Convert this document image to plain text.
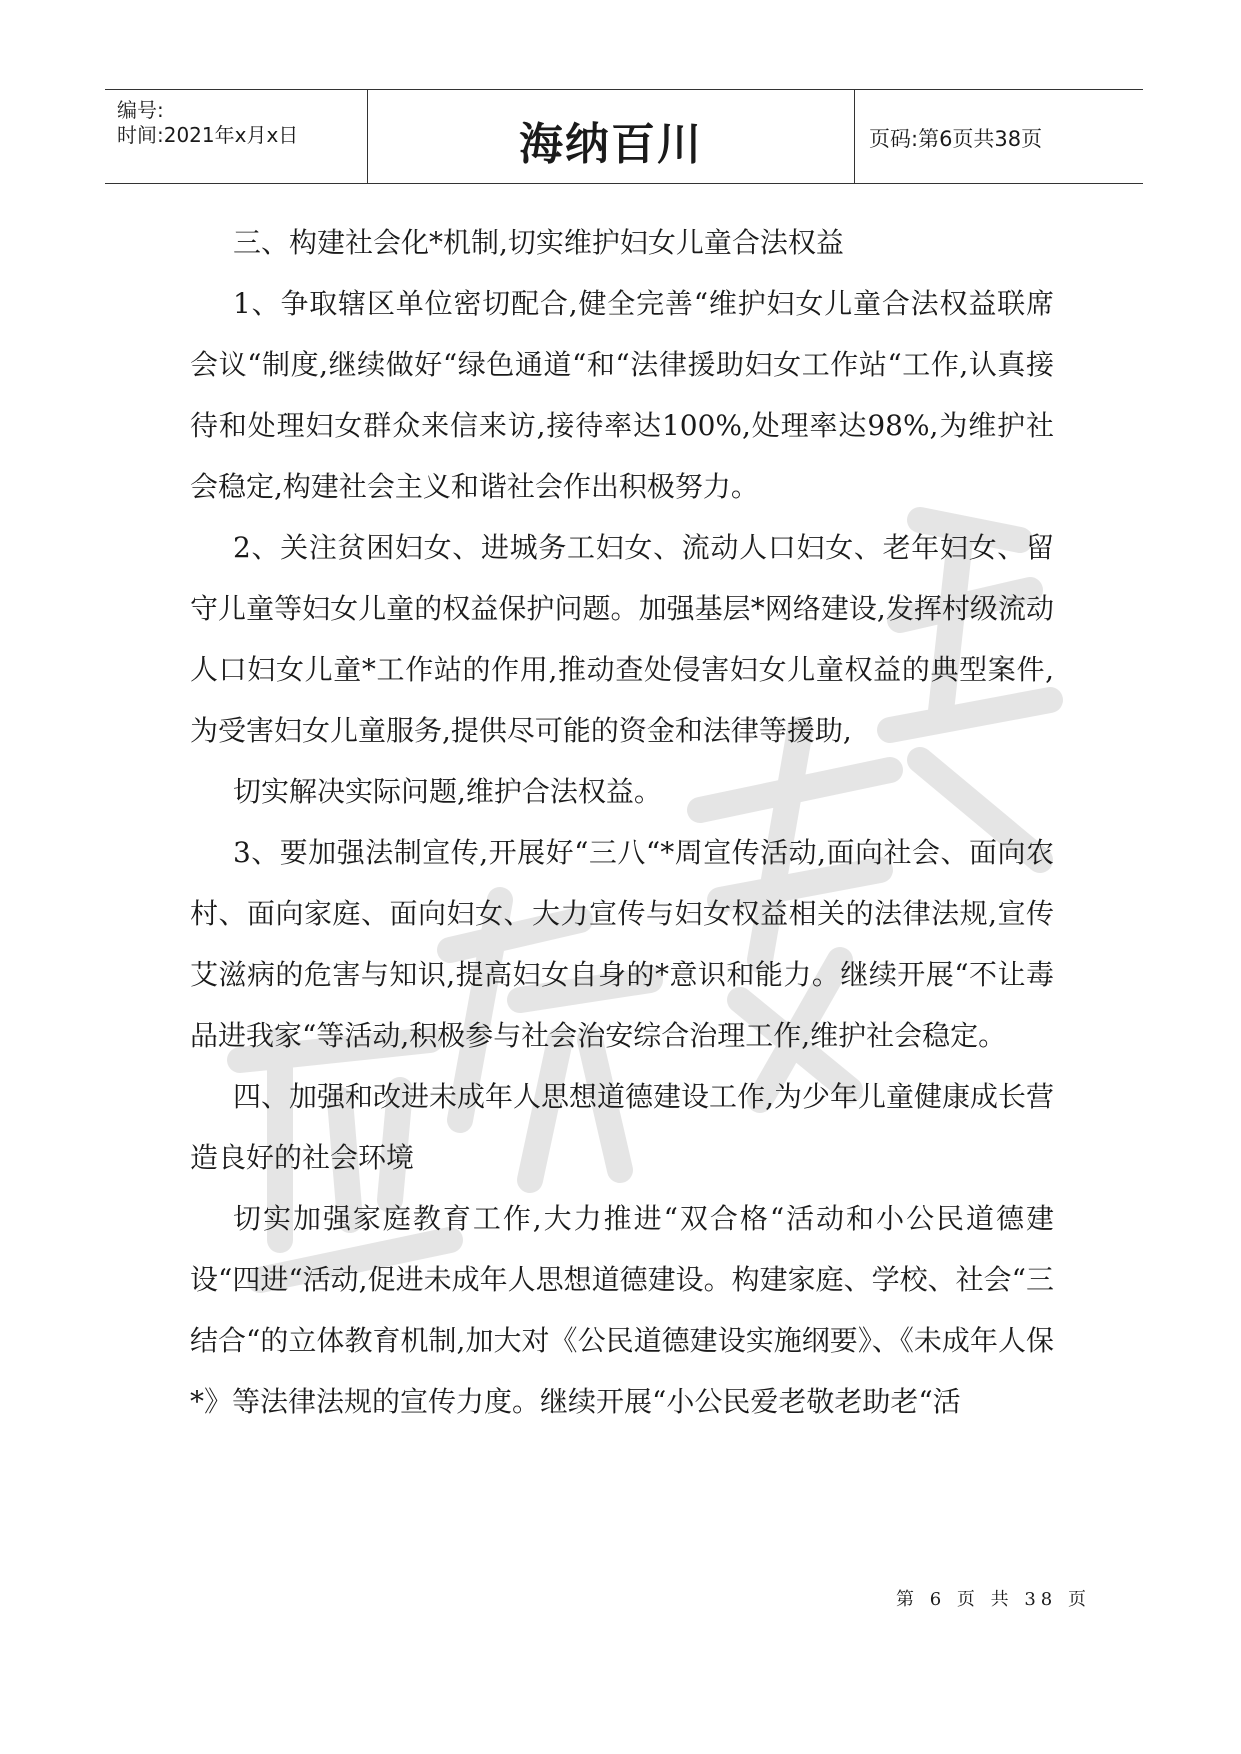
编号:
时间:2021年x月x日	海纳百川	页码:第6页共38页

三、构建社会化*机制,切实维护妇女儿童合法权益

1、争取辖区单位密切配合,健全完善“维护妇女儿童合法权益联席会议“制度,继续做好“绿色通道“和“法律援助妇女工作站“工作,认真接待和处理妇女群众来信来访,接待率达100%,处理率达98%,为维护社会稳定,构建社会主义和谐社会作出积极努力。

2、关注贫困妇女、进城务工妇女、流动人口妇女、老年妇女、留守儿童等妇女儿童的权益保护问题。加强基层*网络建设,发挥村级流动人口妇女儿童*工作站的作用,推动查处侵害妇女儿童权益的典型案件,为受害妇女儿童服务,提供尽可能的资金和法律等援助,

切实解决实际问题,维护合法权益。

3、要加强法制宣传,开展好“三八“*周宣传活动,面向社会、面向农村、面向家庭、面向妇女、大力宣传与妇女权益相关的法律法规,宣传艾滋病的危害与知识,提高妇女自身的*意识和能力。继续开展“不让毒品进我家“等活动,积极参与社会治安综合治理工作,维护社会稳定。

四、加强和改进未成年人思想道德建设工作,为少年儿童健康成长营造良好的社会环境

切实加强家庭教育工作,大力推进“双合格“活动和小公民道德建设“四进“活动,促进未成年人思想道德建设。构建家庭、学校、社会“三结合“的立体教育机制,加大对《公民道德建设实施纲要》、《未成年人保*》等法律法规的宣传力度。继续开展“小公民爱老敬老助老“活

第 6 页 共 38 页
